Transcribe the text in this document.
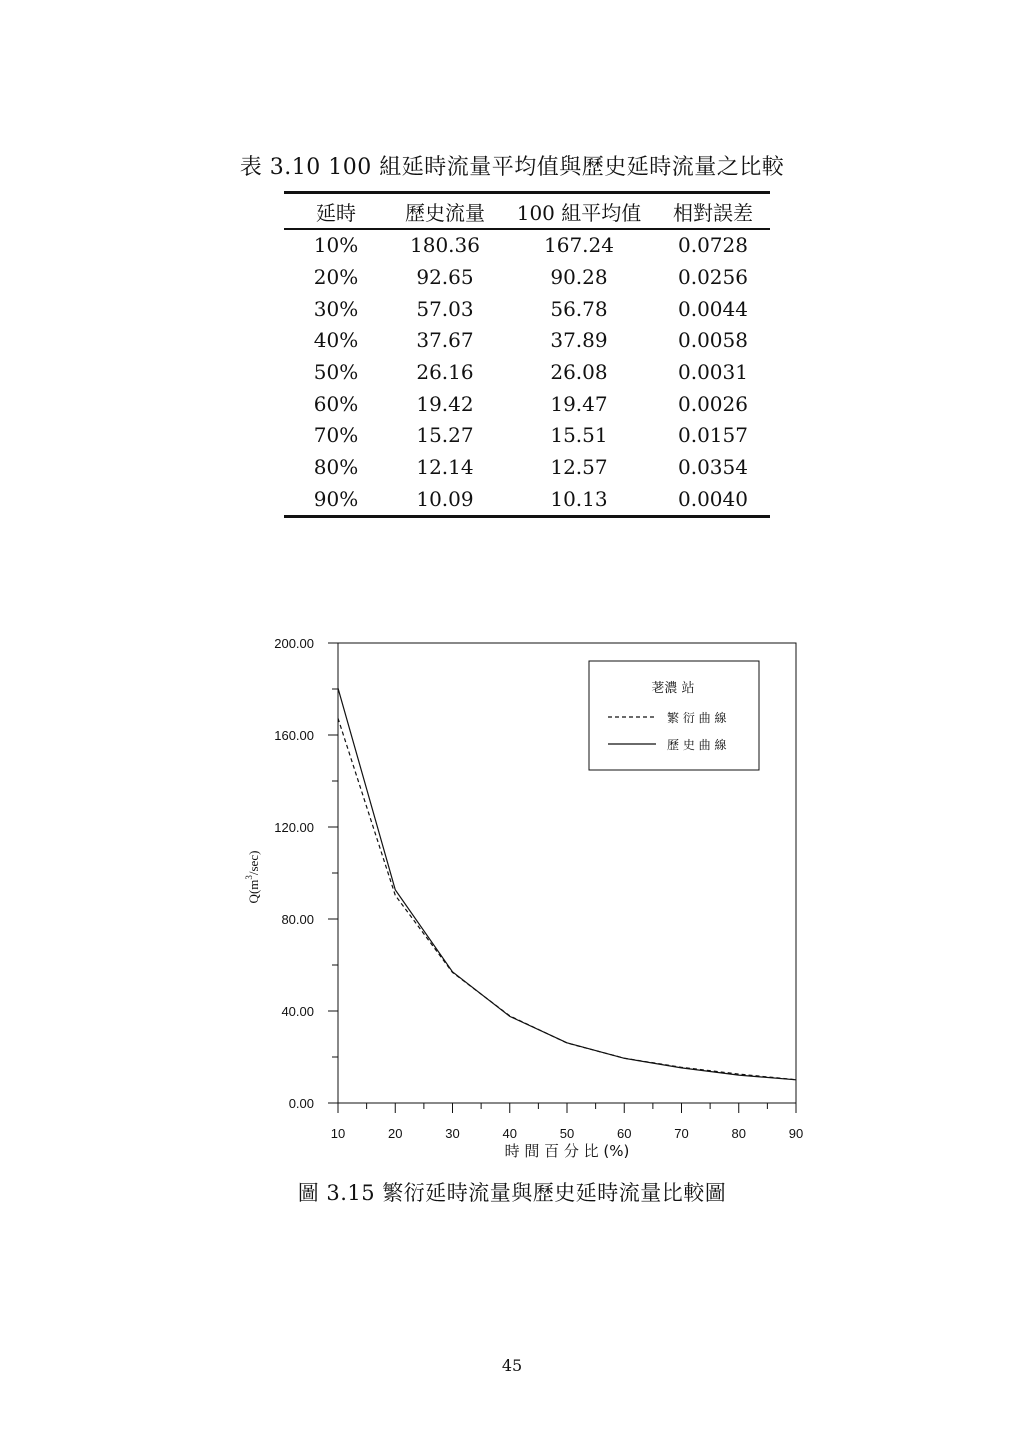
表 3.10 100 組延時流量平均值與歷史延時流量之比較
延時	歷史流量	100 組平均值	相對誤差
10%	180.36	167.24	0.0728
20%	92.65	90.28	0.0256
30%	57.03	56.78	0.0044
40%	37.67	37.89	0.0058
50%	26.16	26.08	0.0031
60%	19.42	19.47	0.0026
70%	15.27	15.51	0.0157
80%	12.14	12.57	0.0354
90%	10.09	10.13	0.0040
0.00
40.00
80.00
120.00
160.00
200.00
10	20	30	40	50	60	70	80	90
時 間 百 分 比 (%)
$Q(m^3/\sec)$
荖濃 站
繁 衍 曲 線
歷 史 曲 線
圖 3.15 繁衍延時流量與歷史延時流量比較圖
45
